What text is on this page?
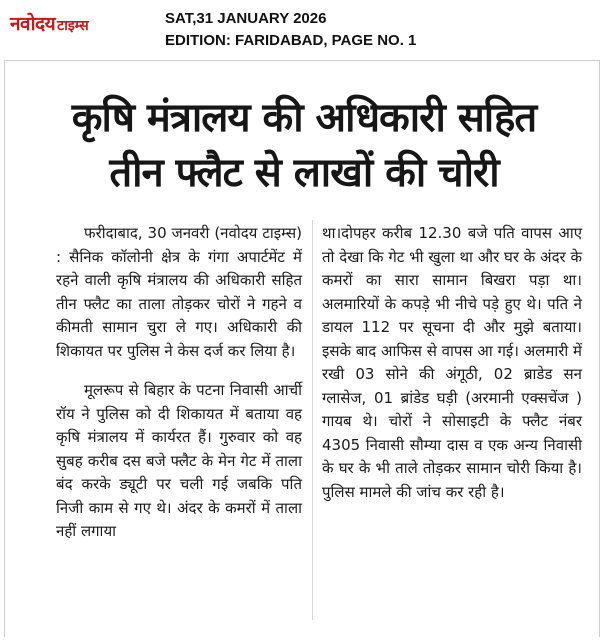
नवोदय टाइम्स	SAT,31 JANUARY 2026
EDITION: FARIDABAD, PAGE NO. 1
कृषि मंत्रालय की अधिकारी सहित
तीन फ्लैट से लाखों की चोरी

फरीदाबाद, 30 जनवरी (नवोदय टाइम्स) : सैनिक कॉलोनी क्षेत्र के गंगा अपार्टमेंट में रहने वाली कृषि मंत्रालय की अधिकारी सहित तीन फ्लैट का ताला तोड़कर चोरों ने गहने व कीमती सामान चुरा ले गए। अधिकारी की शिकायत पर पुलिस ने केस दर्ज कर लिया है।

मूलरूप से बिहार के पटना निवासी आर्ची रॉय ने पुलिस को दी शिकायत में बताया वह कृषि मंत्रालय में कार्यरत हैं। गुरुवार को वह सुबह करीब दस बजे फ्लैट के मेन गेट में ताला बंद करके ड्यूटी पर चली गई जबकि पति निजी काम से गए थे। अंदर के कमरों में ताला नहीं लगाया

था।दोपहर करीब 12.30 बजे पति वापस आए तो देखा कि गेट भी खुला था और घर के अंदर के कमरों का सारा सामान बिखरा पड़ा था। अलमारियों के कपड़े भी नीचे पड़े हुए थे। पति ने डायल 112 पर सूचना दी और मुझे बताया। इसके बाद आफिस से वापस आ गई। अलमारी में रखी 03 सोने की अंगूठी, 02 ब्राडेड सन ग्लासेज, 01 ब्रांडेड घड़ी (अरमानी एक्सचेंज ) गायब थे। चोरों ने सोसाइटी के फ्लैट नंबर 4305 निवासी सौम्या दास व एक अन्य निवासी के घर के भी ताले तोड़कर सामान चोरी किया है।पुलिस मामले की जांच कर रही है।
